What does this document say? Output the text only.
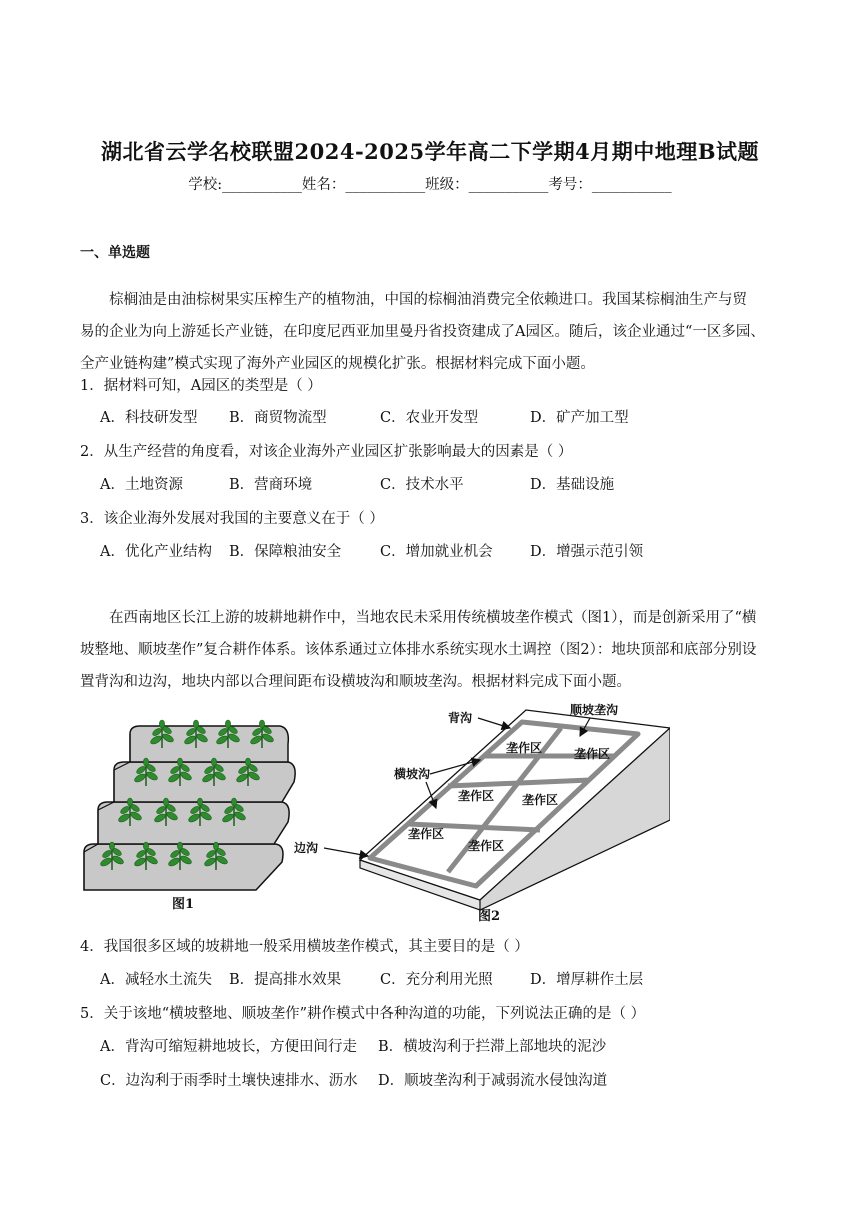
湖北省云学名校联盟2024-2025学年高二下学期4月期中地理B试题
学校:___________姓名：___________班级：___________考号：___________
一、单选题
棕榈油是由油棕树果实压榨生产的植物油，中国的棕榈油消费完全依赖进口。我国某棕榈油生产与贸
易的企业为向上游延长产业链，在印度尼西亚加里曼丹省投资建成了A园区。随后，该企业通过“一区多园、
全产业链构建”模式实现了海外产业园区的规模化扩张。根据材料完成下面小题。
1．据材料可知，A园区的类型是（ ）
A．科技研发型 B．商贸物流型	C．农业开发型	D．矿产加工型
2．从生产经营的角度看，对该企业海外产业园区扩张影响最大的因素是（ ）
A．土地资源	B．营商环境	C．技术水平	D．基础设施
3．该企业海外发展对我国的主要意义在于（ ）
A．优化产业结构 B．保障粮油安全	C．增加就业机会	D．增强示范引领
在西南地区长江上游的坡耕地耕作中，当地农民未采用传统横坡垄作模式（图1），而是创新采用了“横
坡整地、顺坡垄作”复合耕作体系。该体系通过立体排水系统实现水土调控（图2）：地块顶部和底部分别设
置背沟和边沟，地块内部以合理间距布设横坡沟和顺坡垄沟。根据材料完成下面小题。
图1
垄作区	垄作区
垄作区 垄作区
垄作区
垄作区
背沟
顺坡垄沟
横坡沟
边沟
图2
4．我国很多区域的坡耕地一般采用横坡垄作模式，其主要目的是（ ）
A．减轻水土流失 B．提高排水效果	C．充分利用光照	D．增厚耕作土层
5．关于该地“横坡整地、顺坡垄作”耕作模式中各种沟道的功能，下列说法正确的是（ ）
A．背沟可缩短耕地坡长，方便田间行走 B．横坡沟利于拦滞上部地块的泥沙
C．边沟利于雨季时土壤快速排水、沥水 D．顺坡垄沟利于减弱流水侵蚀沟道
